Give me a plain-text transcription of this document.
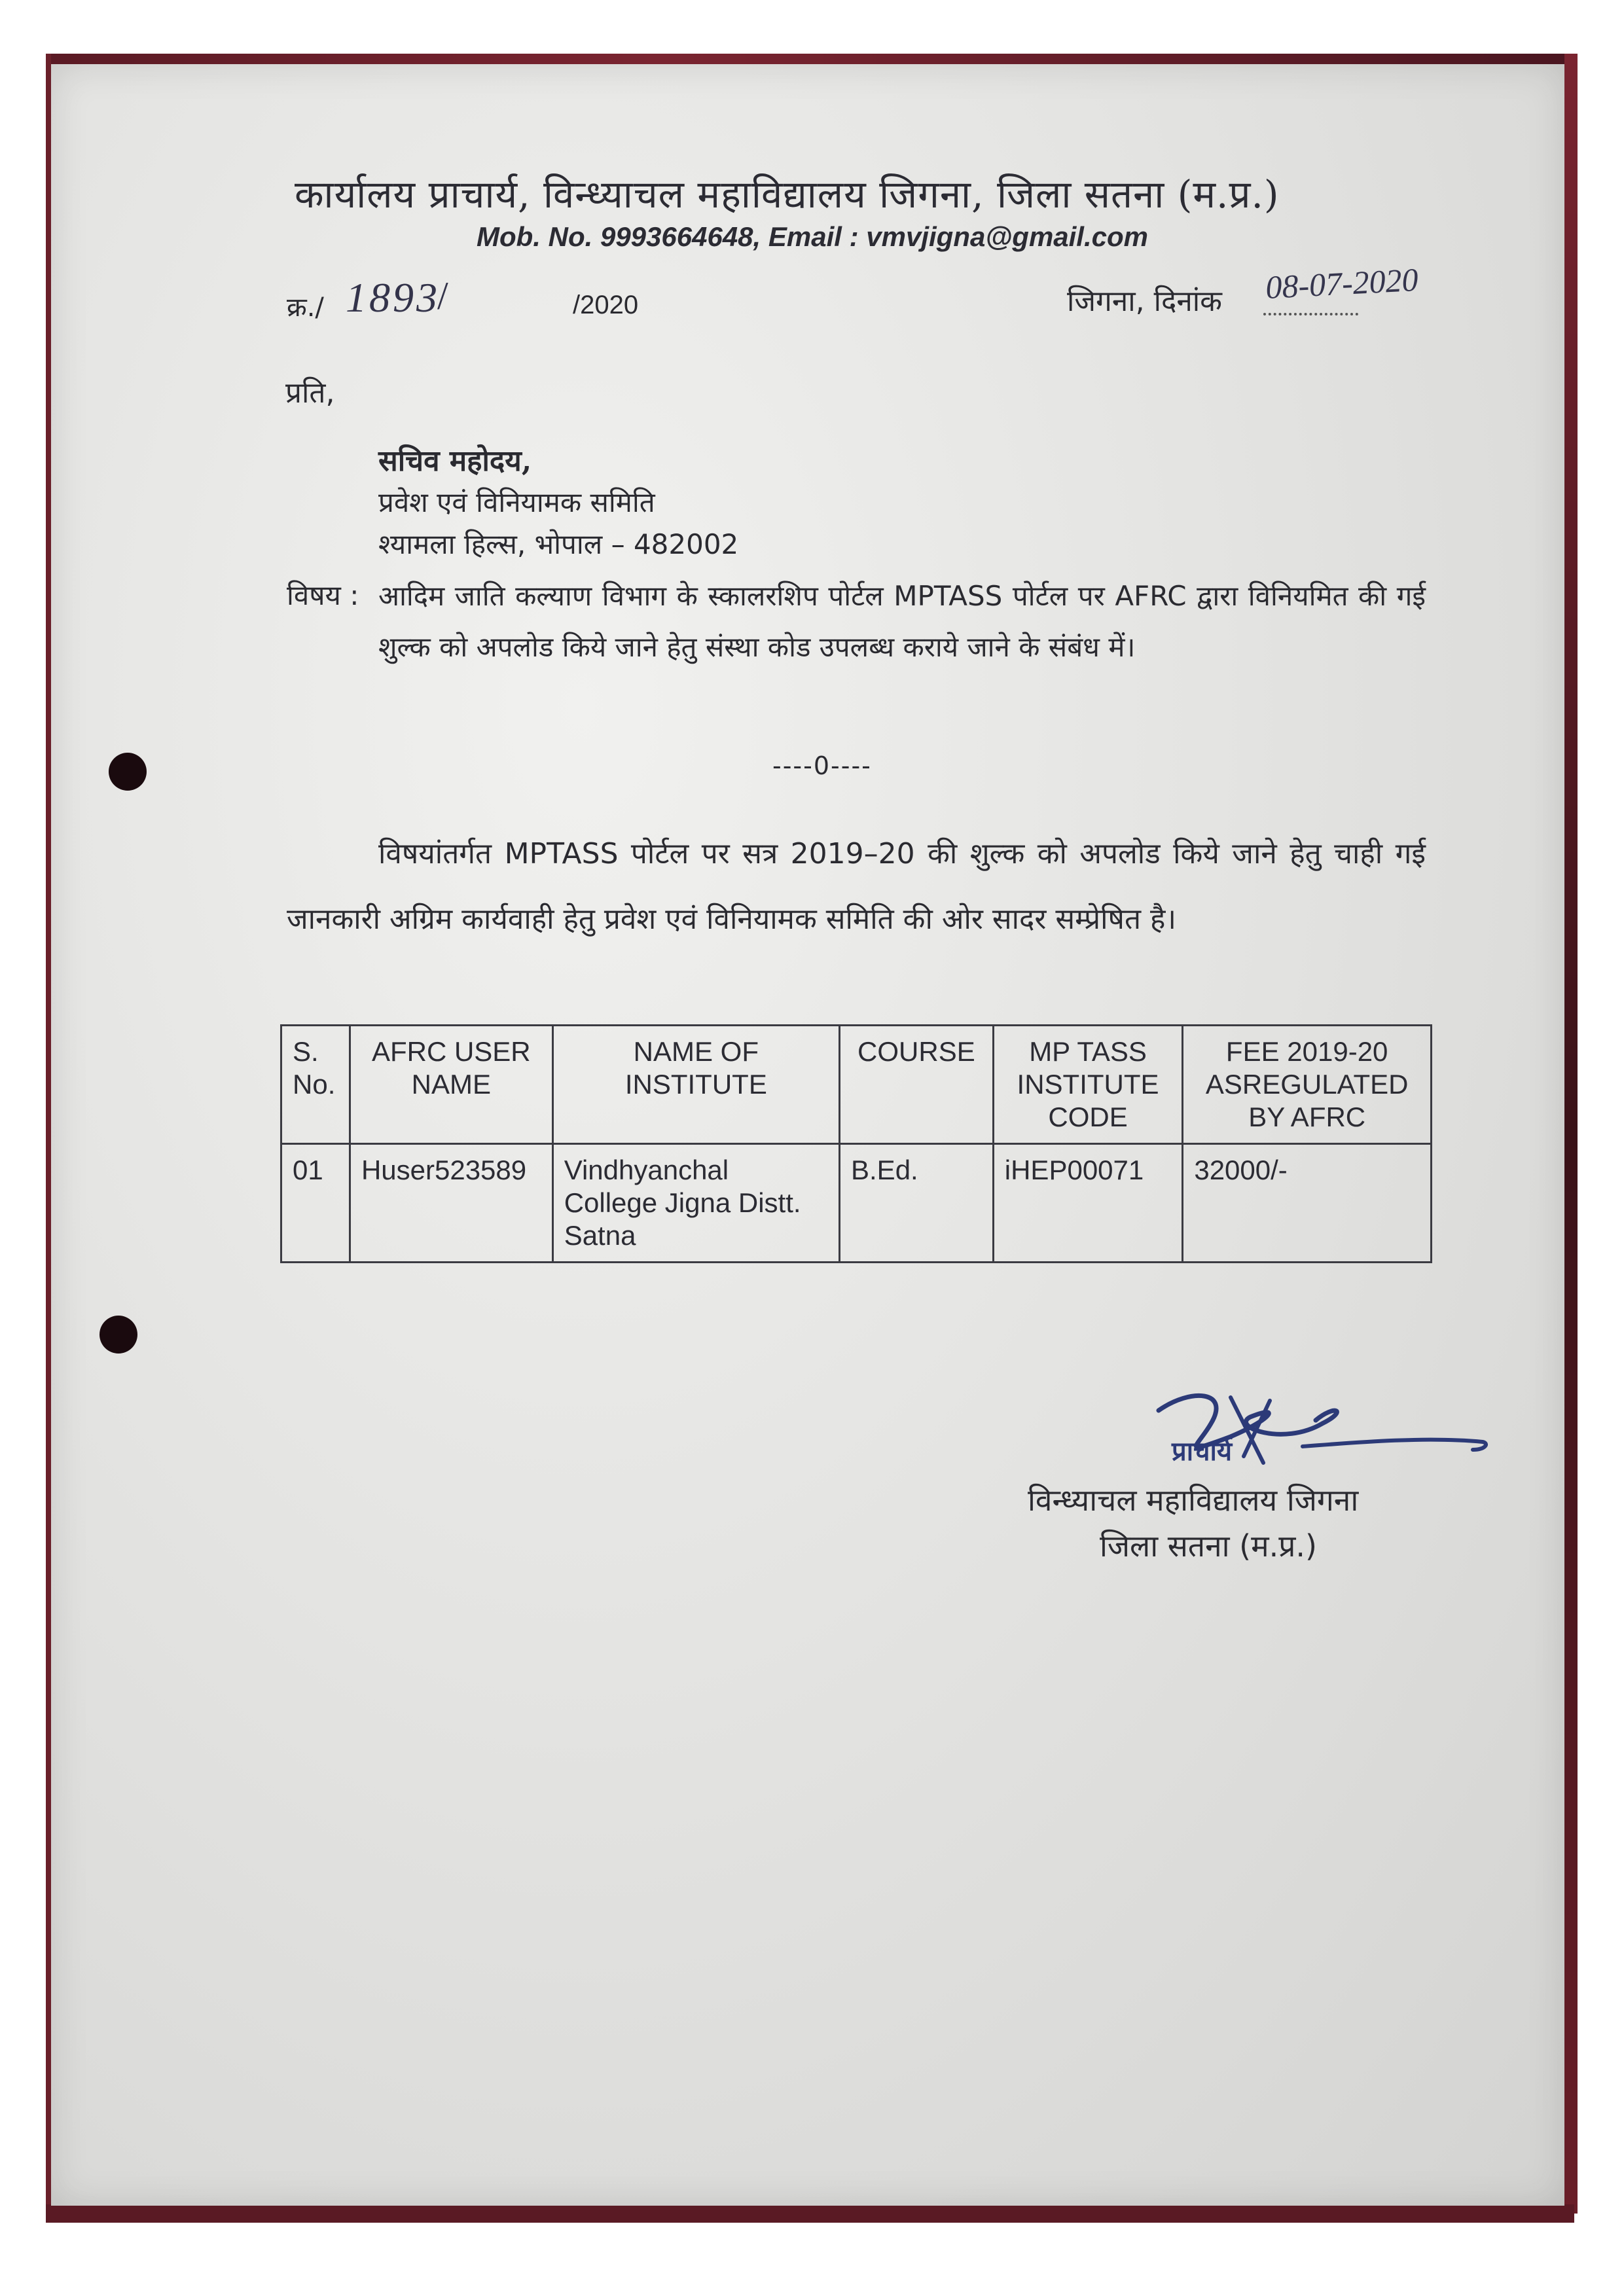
कार्यालय प्राचार्य, विन्ध्याचल महाविद्यालय जिगना, जिला सतना (म.प्र.)
Mob. No. 9993664648, Email : vmvjigna@gmail.com
क्र./ 1893
/	/2020	जिगना, दिनांक 08-07-2020
प्रति,
सचिव महोदय,
प्रवेश एवं विनियामक समिति
श्यामला हिल्स, भोपाल – 482002
विषय : आदिम जाति कल्याण विभाग के स्कालरशिप पोर्टल MPTASS पोर्टल पर AFRC द्वारा विनियमित की गई शुल्क को अपलोड किये जाने हेतु संस्था कोड उपलब्ध कराये जाने के संबंध में।
----0----
विषयांतर्गत MPTASS पोर्टल पर सत्र 2019–20 की शुल्क को अपलोड किये जाने हेतु चाही गई जानकारी अग्रिम कार्यवाही हेतु प्रवेश एवं विनियामक समिति की ओर सादर सम्प्रेषित है।
S. No.	AFRC USER NAME	NAME OF INSTITUTE	COURSE	MP TASS INSTITUTE CODE	FEE 2019-20 ASREGULATED BY AFRC
01	Huser523589	Vindhyanchal College Jigna Distt. Satna	B.Ed.	iHEP00071	32000/-
प्राचार्य
विन्ध्याचल महाविद्यालय जिगना
जिला सतना (म.प्र.)
